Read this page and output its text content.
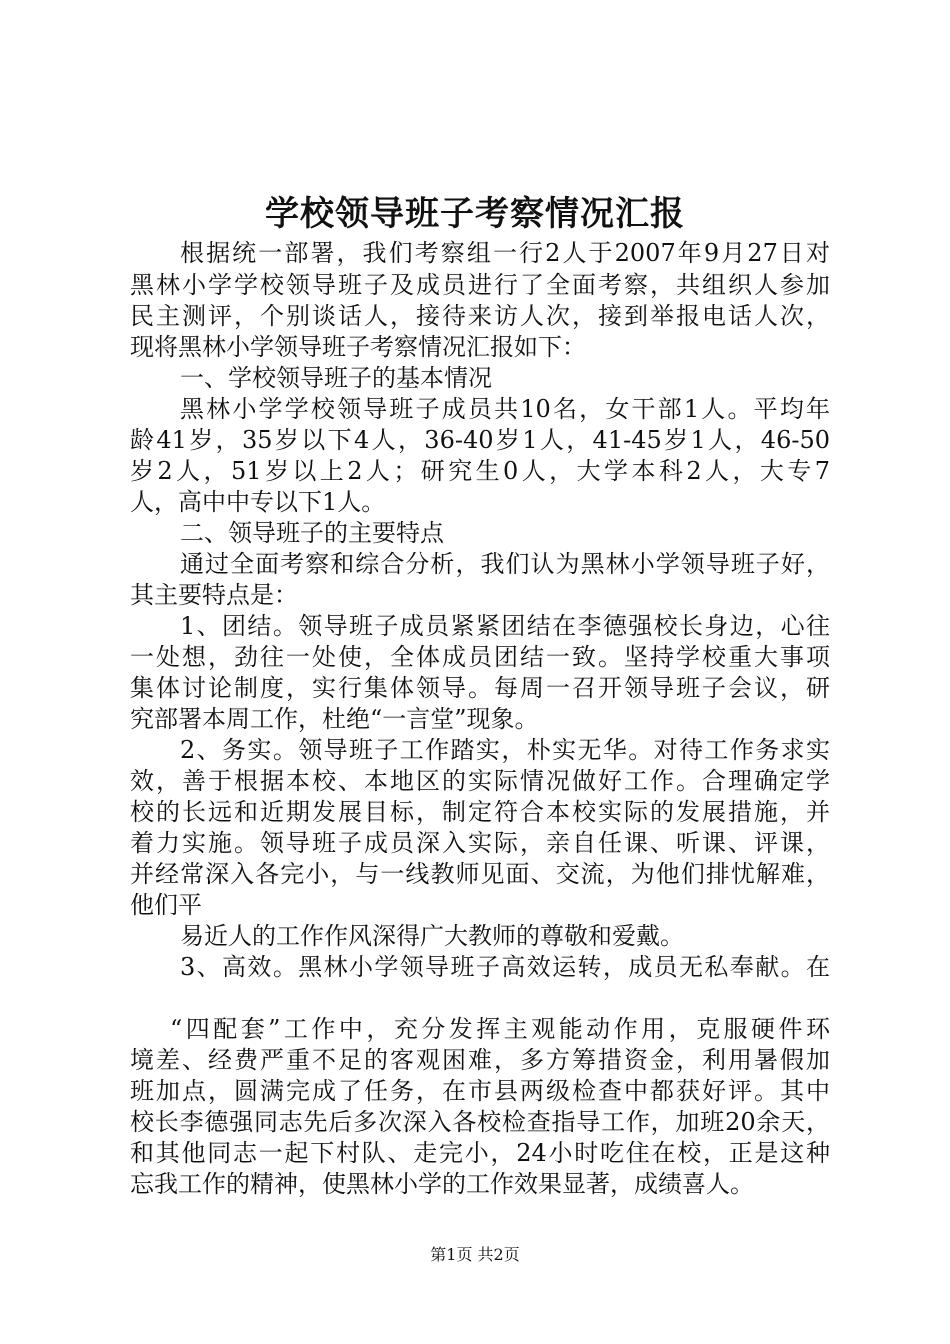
学校领导班子考察情况汇报
根据统一部署，我们考察组一行2人于2007年9月27日对
黑林小学学校领导班子及成员进行了全面考察，共组织人参加
民主测评，个别谈话人，接待来访人次，接到举报电话人次，
现将黑林小学领导班子考察情况汇报如下：
一、学校领导班子的基本情况
黑林小学学校领导班子成员共10名，女干部1人。平均年
龄41岁，35岁以下4人，36-40岁1人，41-45岁1人，46-50
岁2人，51岁以上2人；研究生0人，大学本科2人，大专7
人，高中中专以下1人。
二、领导班子的主要特点
通过全面考察和综合分析，我们认为黑林小学领导班子好，
其主要特点是：
1、团结。领导班子成员紧紧团结在李德强校长身边，心往
一处想，劲往一处使，全体成员团结一致。坚持学校重大事项
集体讨论制度，实行集体领导。每周一召开领导班子会议，研
究部署本周工作，杜绝“一言堂”现象。
2、务实。领导班子工作踏实，朴实无华。对待工作务求实
效，善于根据本校、本地区的实际情况做好工作。合理确定学
校的长远和近期发展目标，制定符合本校实际的发展措施，并
着力实施。领导班子成员深入实际，亲自任课、听课、评课，
并经常深入各完小，与一线教师见面、交流，为他们排忧解难，
他们平
易近人的工作作风深得广大教师的尊敬和爱戴。
3、高效。黑林小学领导班子高效运转，成员无私奉献。在
“四配套”工作中，充分发挥主观能动作用，克服硬件环
境差、经费严重不足的客观困难，多方筹措资金，利用暑假加
班加点，圆满完成了任务，在市县两级检查中都获好评。其中
校长李德强同志先后多次深入各校检查指导工作，加班20余天，
和其他同志一起下村队、走完小，24小时吃住在校，正是这种
忘我工作的精神，使黑林小学的工作效果显著，成绩喜人。
第1页 共2页
